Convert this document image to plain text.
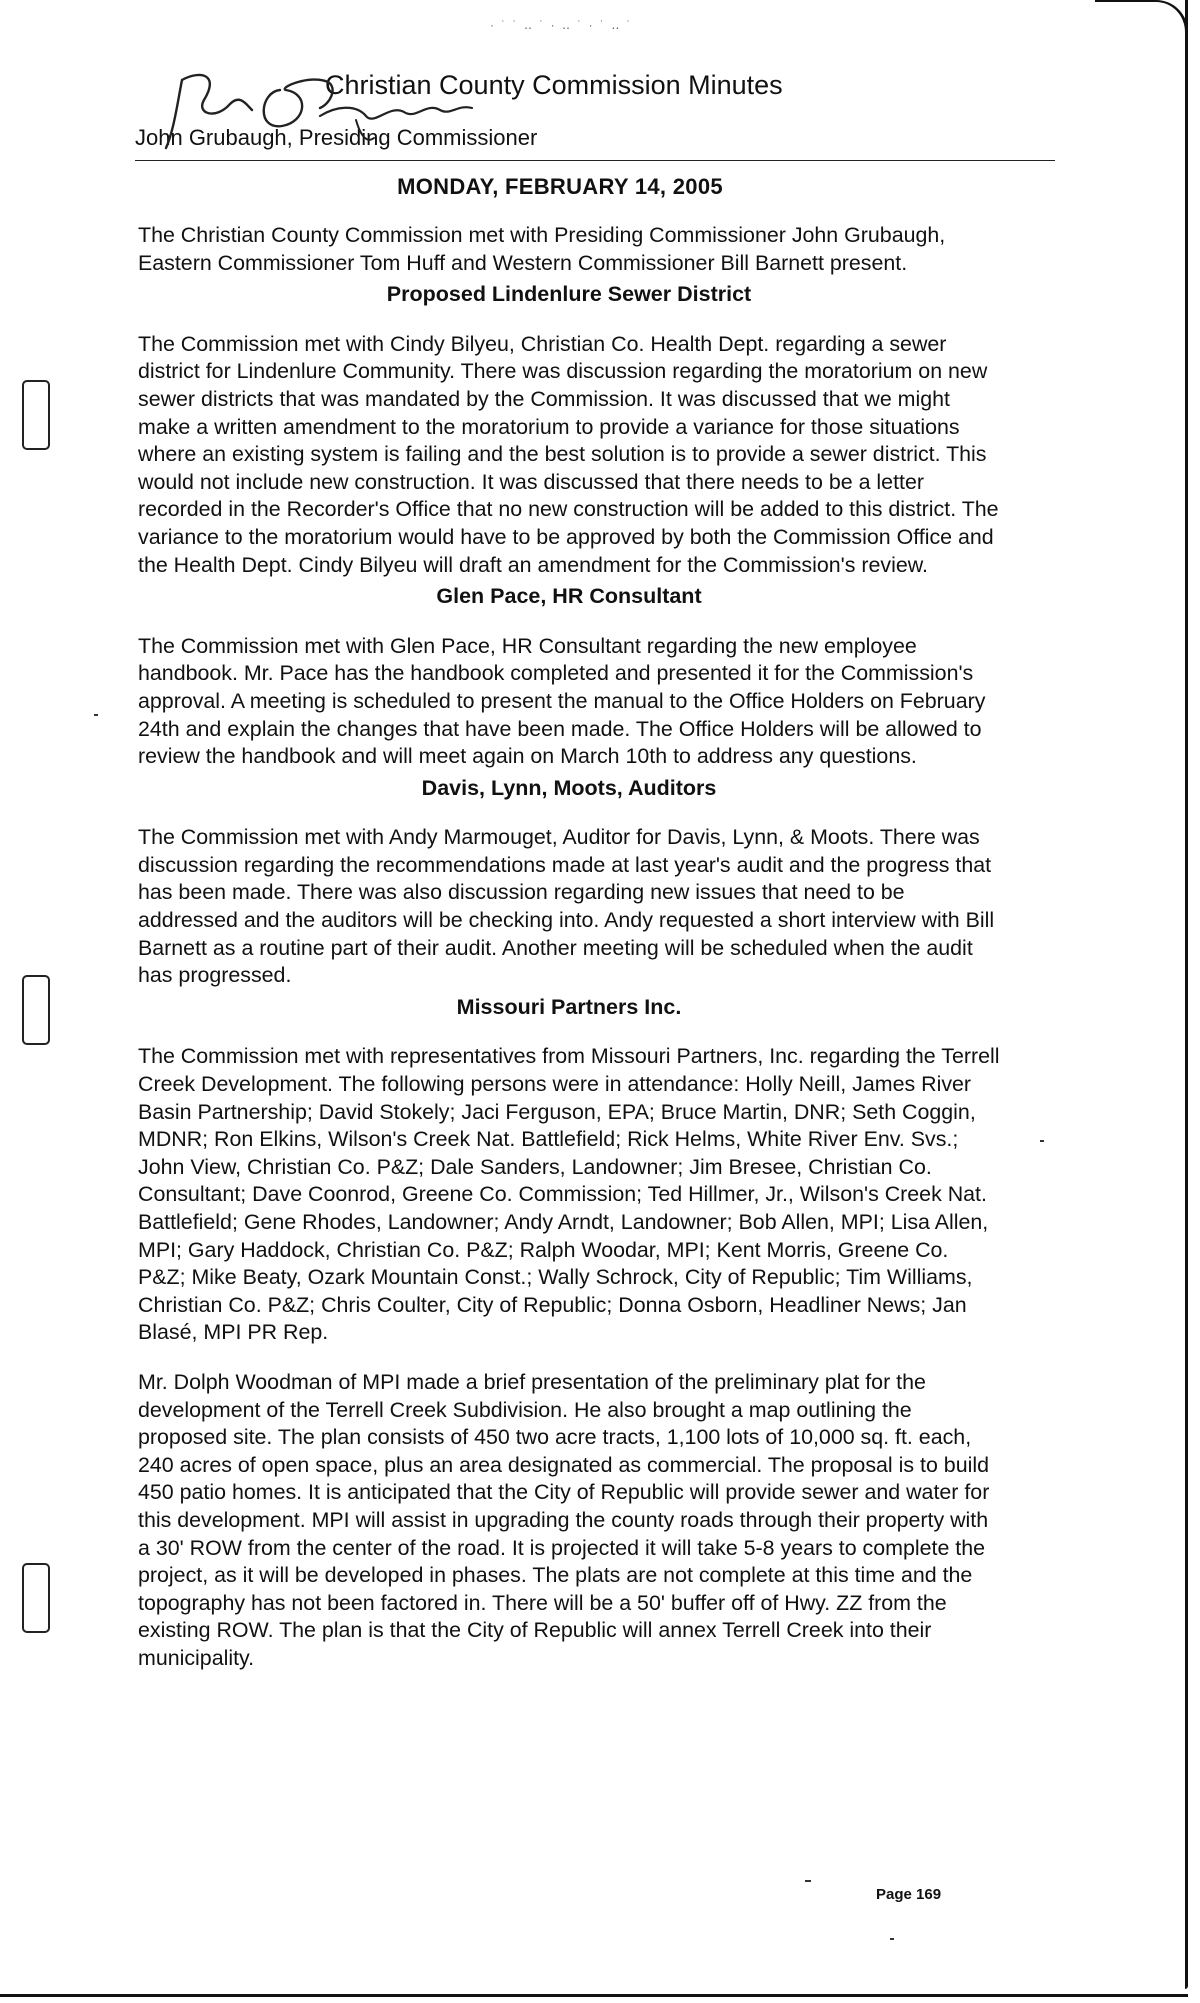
· ˙ ˙ ‥ ˙ · ‥ ˙ · ˙ ‥ ˙
Christian County Commission Minutes
John Grubaugh, Presiding Commissioner
MONDAY, FEBRUARY 14, 2005

The Christian County Commission met with Presiding Commissioner John Grubaugh, Eastern Commissioner Tom Huff and Western Commissioner Bill Barnett present.

Proposed Lindenlure Sewer District

The Commission met with Cindy Bilyeu, Christian Co. Health Dept. regarding a sewer district for Lindenlure Community. There was discussion regarding the moratorium on new sewer districts that was mandated by the Commission. It was discussed that we might make a written amendment to the moratorium to provide a variance for those situations where an existing system is failing and the best solution is to provide a sewer district. This would not include new construction. It was discussed that there needs to be a letter recorded in the Recorder's Office that no new construction will be added to this district. The variance to the moratorium would have to be approved by both the Commission Office and the Health Dept. Cindy Bilyeu will draft an amendment for the Commission's review.

Glen Pace, HR Consultant

The Commission met with Glen Pace, HR Consultant regarding the new employee handbook. Mr. Pace has the handbook completed and presented it for the Commission's approval. A meeting is scheduled to present the manual to the Office Holders on February 24th and explain the changes that have been made. The Office Holders will be allowed to review the handbook and will meet again on March 10th to address any questions.

Davis, Lynn, Moots, Auditors

The Commission met with Andy Marmouget, Auditor for Davis, Lynn, & Moots. There was discussion regarding the recommendations made at last year's audit and the progress that has been made. There was also discussion regarding new issues that need to be addressed and the auditors will be checking into. Andy requested a short interview with Bill Barnett as a routine part of their audit. Another meeting will be scheduled when the audit has progressed.

Missouri Partners Inc.

The Commission met with representatives from Missouri Partners, Inc. regarding the Terrell Creek Development. The following persons were in attendance: Holly Neill, James River Basin Partnership; David Stokely; Jaci Ferguson, EPA; Bruce Martin, DNR; Seth Coggin, MDNR; Ron Elkins, Wilson's Creek Nat. Battlefield; Rick Helms, White River Env. Svs.; John View, Christian Co. P&Z; Dale Sanders, Landowner; Jim Bresee, Christian Co. Consultant; Dave Coonrod, Greene Co. Commission; Ted Hillmer, Jr., Wilson's Creek Nat. Battlefield; Gene Rhodes, Landowner; Andy Arndt, Landowner; Bob Allen, MPI; Lisa Allen, MPI; Gary Haddock, Christian Co. P&Z; Ralph Woodar, MPI; Kent Morris, Greene Co. P&Z; Mike Beaty, Ozark Mountain Const.; Wally Schrock, City of Republic; Tim Williams, Christian Co. P&Z; Chris Coulter, City of Republic; Donna Osborn, Headliner News; Jan Blasé, MPI PR Rep.

Mr. Dolph Woodman of MPI made a brief presentation of the preliminary plat for the development of the Terrell Creek Subdivision. He also brought a map outlining the proposed site. The plan consists of 450 two acre tracts, 1,100 lots of 10,000 sq. ft. each, 240 acres of open space, plus an area designated as commercial. The proposal is to build 450 patio homes. It is anticipated that the City of Republic will provide sewer and water for this development. MPI will assist in upgrading the county roads through their property with a 30' ROW from the center of the road. It is projected it will take 5-8 years to complete the project, as it will be developed in phases. The plats are not complete at this time and the topography has not been factored in. There will be a 50' buffer off of Hwy. ZZ from the existing ROW. The plan is that the City of Republic will annex Terrell Creek into their municipality.

Page 169
